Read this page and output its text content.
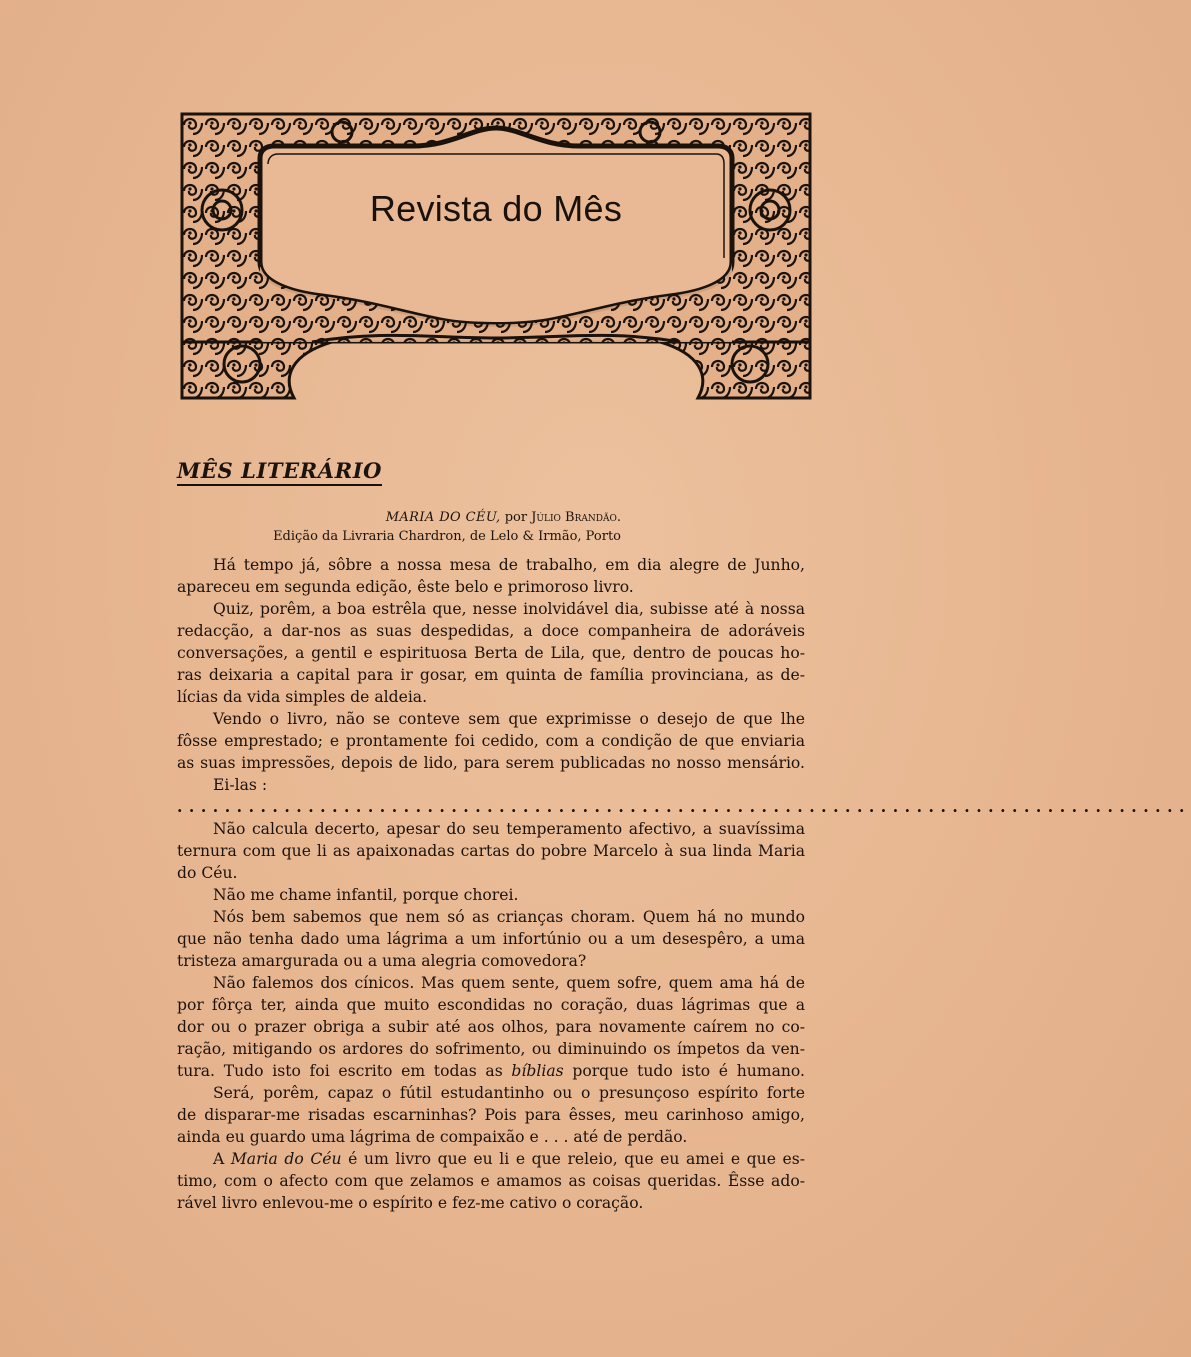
Revista do Mês
MÊS LITERÁRIO
MARIA DO CÉU, por Júlio Brandão.
Edição da Livraria Chardron, de Lelo & Irmão, Porto
Há tempo já, sôbre a nossa mesa de trabalho, em dia alegre de Junho,
apareceu em segunda edição, êste belo e primoroso livro.
Quiz, porêm, a boa estrêla que, nesse inolvidável dia, subisse até à nossa
redacção, a dar-nos as suas despedidas, a doce companheira de adoráveis
conversações, a gentil e espirituosa Berta de Lila, que, dentro de poucas ho-
ras deixaria a capital para ir gosar, em quinta de família provinciana, as de-
lícias da vida simples de aldeia.
Vendo o livro, não se conteve sem que exprimisse o desejo de que lhe
fôsse emprestado; e prontamente foi cedido, com a condição de que enviaria
as suas impressões, depois de lido, para serem publicadas no nosso mensário.
Ei-las :
.....................................................................................
Não calcula decerto, apesar do seu temperamento afectivo, a suavíssima
ternura com que li as apaixonadas cartas do pobre Marcelo à sua linda Maria
do Céu.
Não me chame infantil, porque chorei.
Nós bem sabemos que nem só as crianças choram. Quem há no mundo
que não tenha dado uma lágrima a um infortúnio ou a um desespêro, a uma
tristeza amargurada ou a uma alegria comovedora?
Não falemos dos cínicos. Mas quem sente, quem sofre, quem ama há de
por fôrça ter, ainda que muito escondidas no coração, duas lágrimas que a
dor ou o prazer obriga a subir até aos olhos, para novamente caírem no co-
ração, mitigando os ardores do sofrimento, ou diminuindo os ímpetos da ven-
tura. Tudo isto foi escrito em todas as bíblias porque tudo isto é humano.
Será, porêm, capaz o fútil estudantinho ou o presunçoso espírito forte
de disparar-me risadas escarninhas? Pois para êsses, meu carinhoso amigo,
ainda eu guardo uma lágrima de compaixão e . . . até de perdão.
A Maria do Céu é um livro que eu li e que releio, que eu amei e que es-
timo, com o afecto com que zelamos e amamos as coisas queridas. Êsse ado-
rável livro enlevou-me o espírito e fez-me cativo o coração.
